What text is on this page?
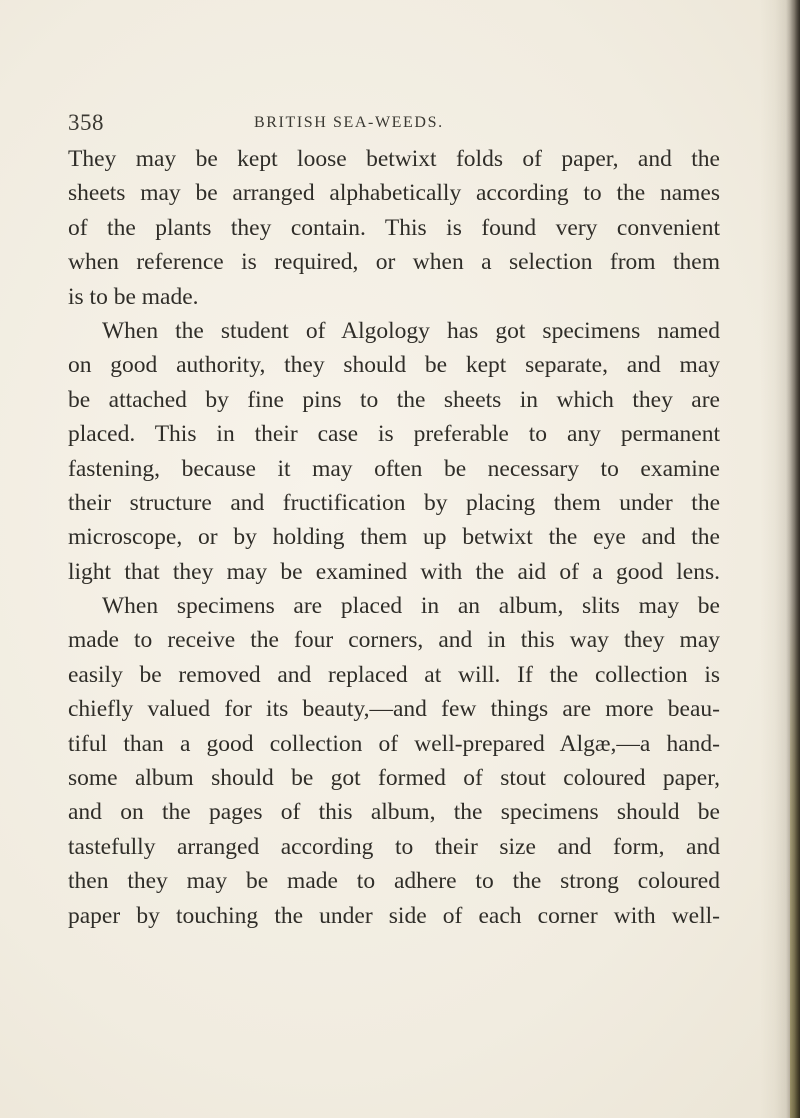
358	BRITISH SEA-WEEDS.
They may be kept loose betwixt folds of paper, and the
sheets may be arranged alphabetically according to the names
of the plants they contain. This is found very convenient
when reference is required, or when a selection from them
is to be made.
When the student of Algology has got specimens named
on good authority, they should be kept separate, and may
be attached by fine pins to the sheets in which they are
placed. This in their case is preferable to any permanent
fastening, because it may often be necessary to examine
their structure and fructification by placing them under the
microscope, or by holding them up betwixt the eye and the
light that they may be examined with the aid of a good lens.
When specimens are placed in an album, slits may be
made to receive the four corners, and in this way they may
easily be removed and replaced at will. If the collection is
chiefly valued for its beauty,—and few things are more beau-
tiful than a good collection of well-prepared Algæ,—a hand-
some album should be got formed of stout coloured paper,
and on the pages of this album, the specimens should be
tastefully arranged according to their size and form, and
then they may be made to adhere to the strong coloured
paper by touching the under side of each corner with well-
